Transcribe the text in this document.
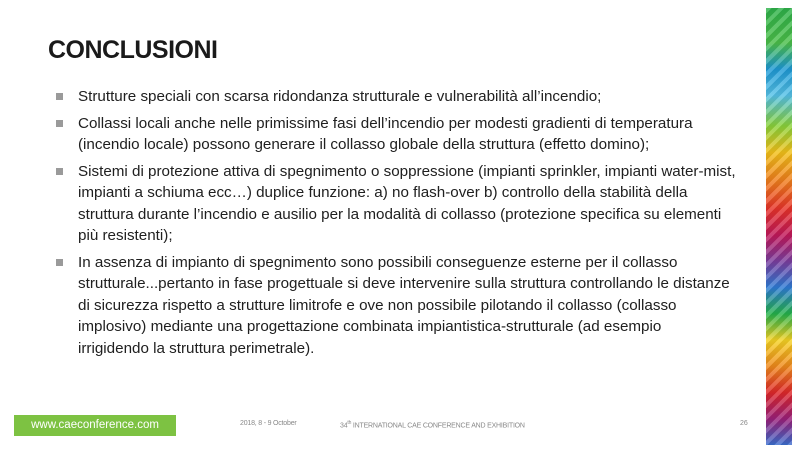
CONCLUSIONI
Strutture speciali con scarsa ridondanza strutturale e vulnerabilità all’incendio;
Collassi locali anche nelle primissime fasi dell’incendio per modesti gradienti di temperatura (incendio locale) possono generare il collasso globale della struttura (effetto domino);
Sistemi di protezione attiva di spegnimento o soppressione (impianti sprinkler, impianti water-mist, impianti a schiuma ecc…) duplice funzione: a) no flash-over b) controllo della stabilità della struttura durante l’incendio e ausilio per la modalità di collasso (protezione specifica su elementi più resistenti);
In assenza di impianto di spegnimento sono possibili conseguenze esterne per il collasso strutturale...pertanto in fase progettuale si deve intervenire sulla struttura controllando le distanze di sicurezza rispetto a strutture limitrofe e ove non possibile pilotando il collasso (collasso implosivo) mediante una progettazione combinata impiantistica-strutturale (ad esempio irrigidendo la struttura perimetrale).
www.caeconference.com	2018, 8 - 9 October	34th INTERNATIONAL CAE CONFERENCE AND EXHIBITION	26
